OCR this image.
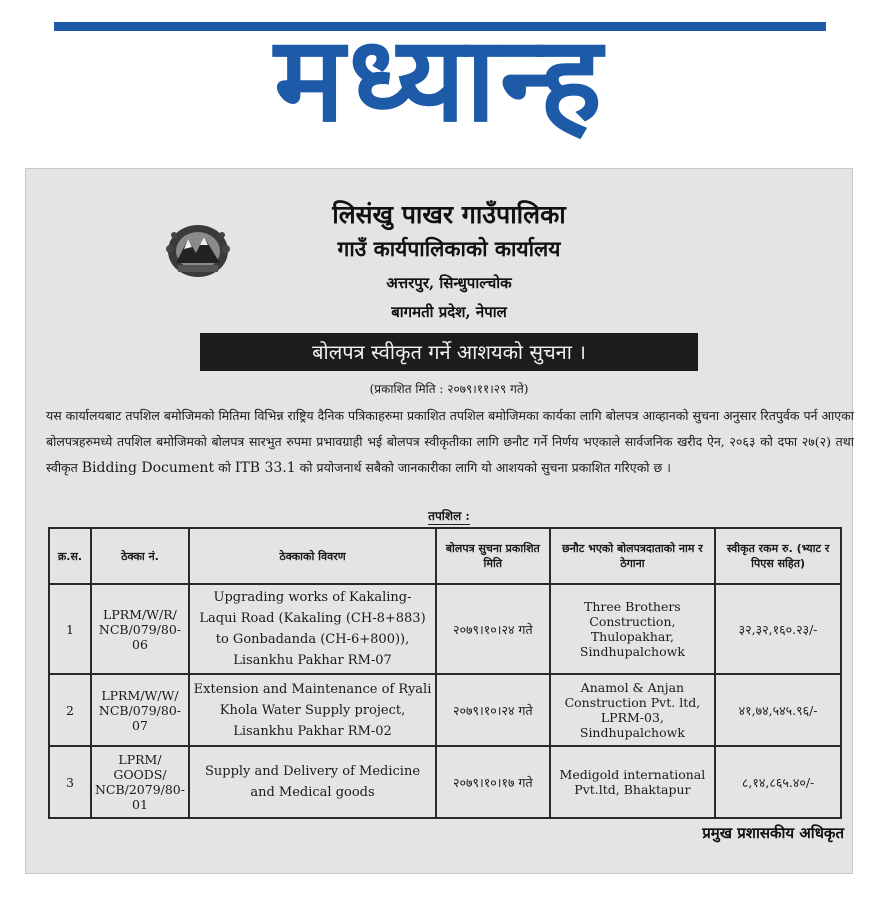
मध्यान्ह
लिसंखु पाखर गाउँपालिका
गाउँ कार्यपालिकाको कार्यालय
अत्तरपुर, सिन्धुपाल्चोक
बागमती प्रदेश, नेपाल
बोलपत्र स्वीकृत गर्ने आशयको सुचना ।
(प्रकाशित मिति : २०७९।११।२९ गते)
यस कार्यालयबाट तपशिल बमोजिमको मितिमा विभिन्न राष्ट्रिय दैनिक पत्रिकाहरुमा प्रकाशित तपशिल बमोजिमका कार्यका लागि बोलपत्र आव्हानको सुचना अनुसार रितपुर्वक पर्न आएका बोलपत्रहरुमध्ये तपशिल बमोजिमको बोलपत्र सारभुत रुपमा प्रभावग्राही भई बोलपत्र स्वीकृतीका लागि छनौट गर्ने निर्णय भएकाले सार्वजनिक खरीद ऐन, २०६३ को दफा २७(२) तथा स्वीकृत Bidding Document को ITB 33.1 को प्रयोजनार्थ सबैको जानकारीका लागि यो आशयको सुचना प्रकाशित गरिएको छ ।
तपशिल :
क्र.स.	ठेक्का नं.	ठेक्काको विवरण	बोलपत्र सुचना प्रकाशित मिति	छनौट भएको बोलपत्रदाताको नाम र ठेगाना	स्वीकृत रकम रु. (भ्याट र पिएस सहित)
1	LPRM/W/R/ NCB/079/80- 06	Upgrading works of Kakaling- Laqui Road (Kakaling (CH-8+883) to Gonbadanda (CH-6+800)), Lisankhu Pakhar RM-07	२०७९।१०।२४ गते	Three Brothers Construction, Thulopakhar, Sindhupalchowk	३२,३२,१६०.२३/-
2	LPRM/W/W/ NCB/079/80- 07	Extension and Maintenance of Ryali Khola Water Supply project, Lisankhu Pakhar RM-02	२०७९।१०।२४ गते	Anamol & Anjan Construction Pvt. ltd, LPRM-03, Sindhupalchowk	४१,७४,५४५.९६/-
3	LPRM/ GOODS/ NCB/2079/80- 01	Supply and Delivery of Medicine and Medical goods	२०७९।१०।१७ गते	Medigold international Pvt.ltd, Bhaktapur	८,१४,८६५.४०/-
प्रमुख प्रशासकीय अधिकृत
